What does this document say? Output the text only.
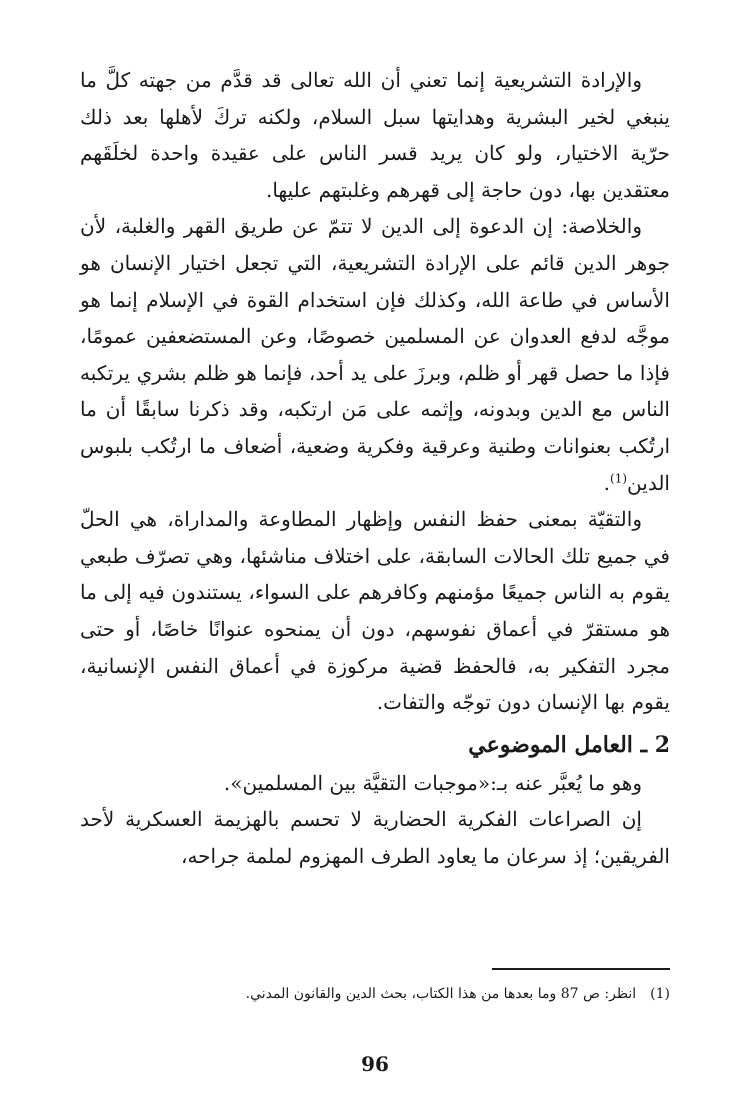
والإرادة التشريعية إنما تعني أن الله تعالى قد قدَّم من جهته كلَّ ما ينبغي لخير البشرية وهدايتها سبل السلام، ولكنه تركَ لأهلها بعد ذلك حرّية الاختيار، ولو كان يريد قسر الناس على عقيدة واحدة لخلَقَهم معتقدين بها، دون حاجة إلى قهرهم وغلبتهم عليها.

والخلاصة: إن الدعوة إلى الدين لا تتمّ عن طريق القهر والغلبة، لأن جوهر الدين قائم على الإرادة التشريعية، التي تجعل اختيار الإنسان هو الأساس في طاعة الله، وكذلك فإن استخدام القوة في الإسلام إنما هو موجَّه لدفع العدوان عن المسلمين خصوصًا، وعن المستضعفين عمومًا، فإذا ما حصل قهر أو ظلم، وبرزَ على يد أحد، فإنما هو ظلم بشري يرتكبه الناس مع الدين وبدونه، وإثمه على مَن ارتكبه، وقد ذكرنا سابقًا أن ما ارتُكب بعنوانات وطنية وعرقية وفكرية وضعية، أضعاف ما ارتُكب بلبوس الدين$^{(1)}$.

والتقيّة بمعنى حفظ النفس وإظهار المطاوعة والمداراة، هي الحلّ في جميع تلك الحالات السابقة، على اختلاف مناشئها، وهي تصرّف طبعي يقوم به الناس جميعًا مؤمنهم وكافرهم على السواء، يستندون فيه إلى ما هو مستقرّ في أعماق نفوسهم، دون أن يمنحوه عنوانًا خاصًا، أو حتى مجرد التفكير به، فالحفظ قضية مركوزة في أعماق النفس الإنسانية، يقوم بها الإنسان دون توجّه والتفات.

2 ـ العامل الموضوعي

وهو ما يُعبَّر عنه بـ:«موجبات التقيَّة بين المسلمين».

إن الصراعات الفكرية الحضارية لا تحسم بالهزيمة العسكرية لأحد الفريقين؛ إذ سرعان ما يعاود الطرف المهزوم لملمة جراحه،

(1)انظر: ص 87 وما بعدها من هذا الكتاب، بحث الدين والقانون المدني.
96
